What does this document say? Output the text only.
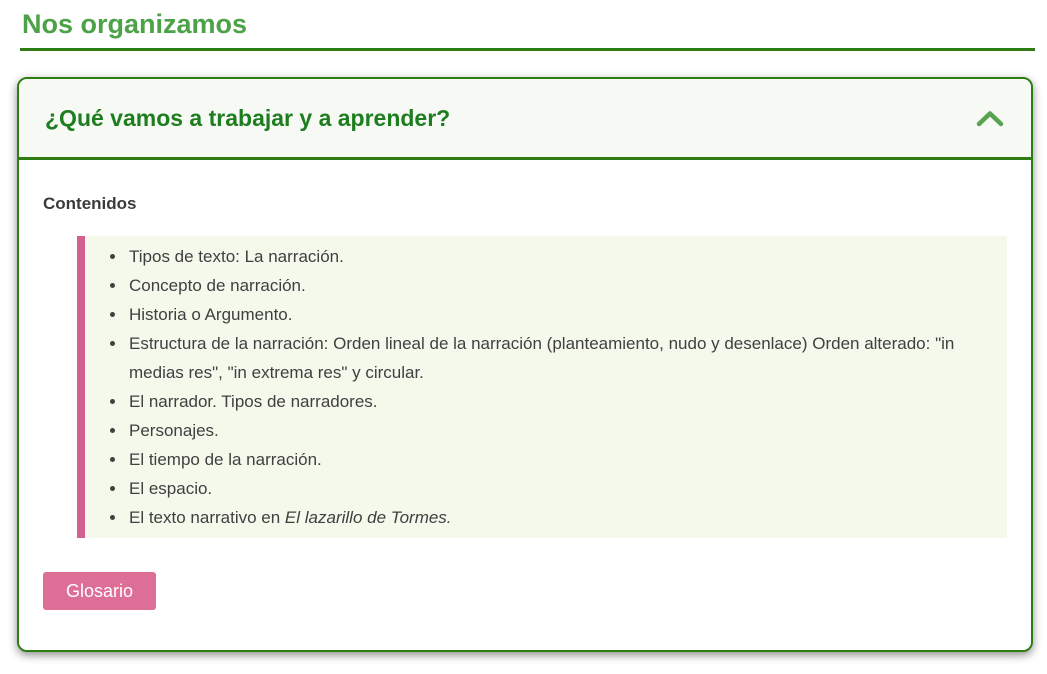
Nos organizamos
¿Qué vamos a trabajar y a aprender?
Contenidos
• Tipos de texto: La narración.
• Concepto de narración.
• Historia o Argumento.
• Estructura de la narración: Orden lineal de la narración (planteamiento, nudo y desenlace) Orden alterado: "in medias res", "in extrema res" y circular.
• El narrador. Tipos de narradores.
• Personajes.
• El tiempo de la narración.
• El espacio.
• El texto narrativo en El lazarillo de Tormes.
Glosario
